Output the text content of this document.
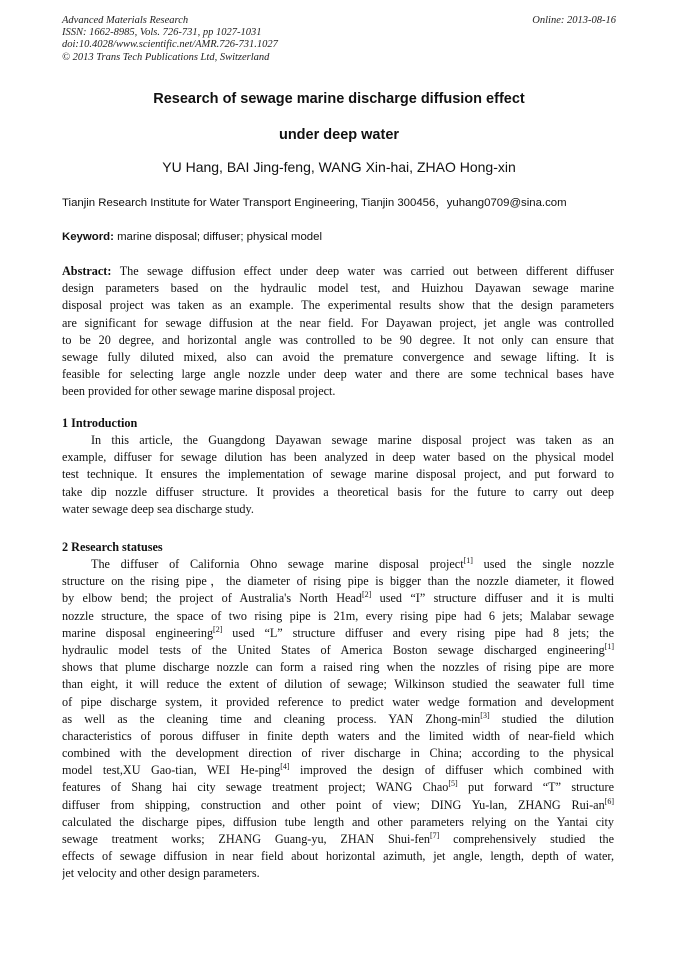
Advanced Materials Research
ISSN: 1662-8985, Vols. 726-731, pp 1027-1031
doi:10.4028/www.scientific.net/AMR.726-731.1027
© 2013 Trans Tech Publications Ltd, Switzerland
Online: 2013-08-16
Research of sewage marine discharge diffusion effect
under deep water
YU Hang, BAI Jing-feng, WANG Xin-hai, ZHAO Hong-xin
Tianjin Research Institute for Water Transport Engineering, Tianjin 300456，yuhang0709@sina.com
Keyword: marine disposal; diffuser; physical model
Abstract: The sewage diffusion effect under deep water was carried out between different diffuser
design parameters based on the hydraulic model test, and Huizhou Dayawan sewage marine
disposal project was taken as an example. The experimental results show that the design parameters
are significant for sewage diffusion at the near field. For Dayawan project, jet angle was controlled
to be 20 degree, and horizontal angle was controlled to be 90 degree. It not only can ensure that
sewage fully diluted mixed, also can avoid the premature convergence and sewage lifting. It is
feasible for selecting large angle nozzle under deep water and there are some technical bases have
been provided for other sewage marine disposal project.
1 Introduction
In this article, the Guangdong Dayawan sewage marine disposal project was taken as an
example, diffuser for sewage dilution has been analyzed in deep water based on the physical model
test technique. It ensures the implementation of sewage marine disposal project, and put forward to
take dip nozzle diffuser structure. It provides a theoretical basis for the future to carry out deep
water sewage deep sea discharge study.
2 Research statuses
The diffuser of California Ohno sewage marine disposal project[1] used the single nozzle
structure on the rising pipe，the diameter of rising pipe is bigger than the nozzle diameter, it flowed
by elbow bend; the project of Australia's North Head[2] used “I” structure diffuser and it is multi
nozzle structure, the space of two rising pipe is 21m, every rising pipe had 6 jets; Malabar sewage
marine disposal engineering[2] used “L” structure diffuser and every rising pipe had 8 jets; the
hydraulic model tests of the United States of America Boston sewage discharged engineering[1]
shows that plume discharge nozzle can form a raised ring when the nozzles of rising pipe are more
than eight, it will reduce the extent of dilution of sewage; Wilkinson studied the seawater full time
of pipe discharge system, it provided reference to predict water wedge formation and development
as well as the cleaning time and cleaning process. YAN Zhong-min[3] studied the dilution
characteristics of porous diffuser in finite depth waters and the limited width of near-field which
combined with the development direction of river discharge in China; according to the physical
model test,XU Gao-tian, WEI He-ping[4] improved the design of diffuser which combined with
features of Shang hai city sewage treatment project; WANG Chao[5] put forward “T” structure
diffuser from shipping, construction and other point of view; DING Yu-lan, ZHANG Rui-an[6]
calculated the discharge pipes, diffusion tube length and other parameters relying on the Yantai city
sewage treatment works; ZHANG Guang-yu, ZHAN Shui-fen[7] comprehensively studied the
effects of sewage diffusion in near field about horizontal azimuth, jet angle, length, depth of water,
jet velocity and other design parameters.
